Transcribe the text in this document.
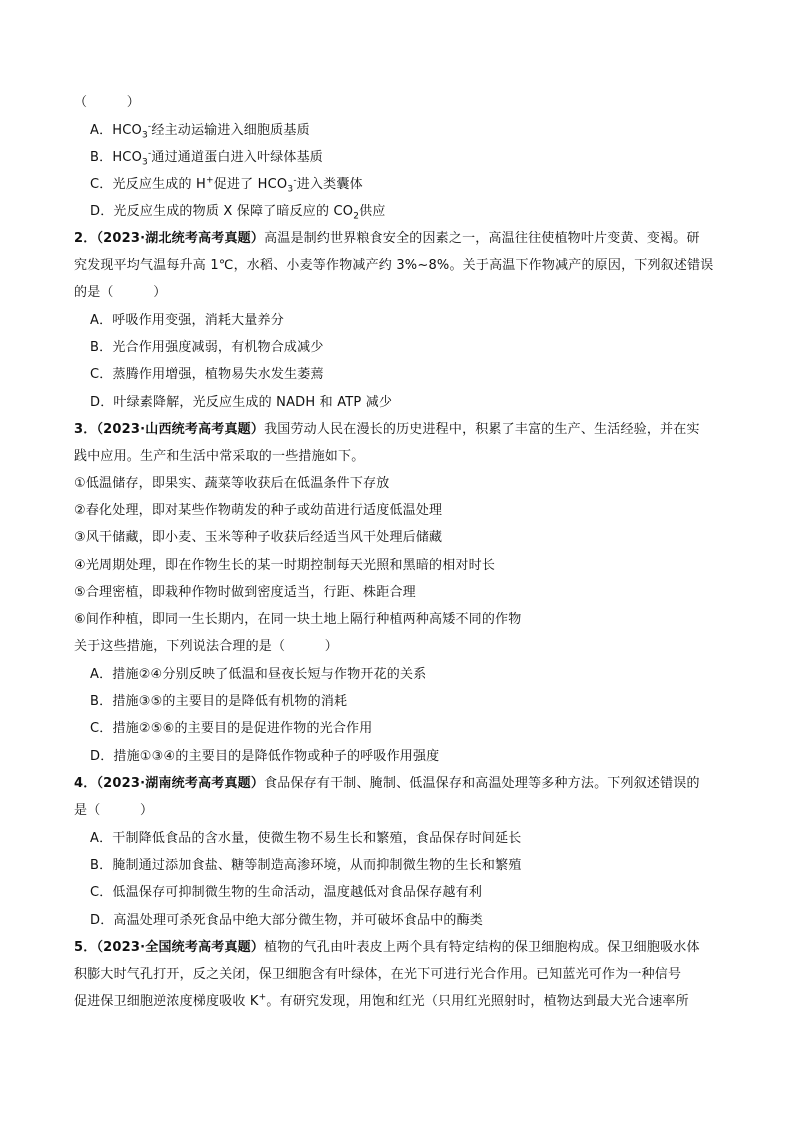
（　　　）
A．$HCO_3^-$经主动运输进入细胞质基质
B．$HCO_3^-$通过通道蛋白进入叶绿体基质
C．光反应生成的 H+促进了 $HCO_3^-$进入类囊体
D．光反应生成的物质 X 保障了暗反应的 $CO_2$供应
2．（2023·湖北统考高考真题）高温是制约世界粮食安全的因素之一，高温往往使植物叶片变黄、变褐。研
究发现平均气温每升高 1℃，水稻、小麦等作物减产约 3%~8%。关于高温下作物减产的原因，下列叙述错误
的是（　　　）
A．呼吸作用变强，消耗大量养分
B．光合作用强度减弱，有机物合成减少
C．蒸腾作用增强，植物易失水发生萎蔫
D．叶绿素降解，光反应生成的 NADH 和 ATP 减少
3．（2023·山西统考高考真题）我国劳动人民在漫长的历史进程中，积累了丰富的生产、生活经验，并在实
践中应用。生产和生活中常采取的一些措施如下。
①低温储存，即果实、蔬菜等收获后在低温条件下存放
②春化处理，即对某些作物萌发的种子或幼苗进行适度低温处理
③风干储藏，即小麦、玉米等种子收获后经适当风干处理后储藏
④光周期处理，即在作物生长的某一时期控制每天光照和黑暗的相对时长
⑤合理密植，即栽种作物时做到密度适当，行距、株距合理
⑥间作种植，即同一生长期内，在同一块土地上隔行种植两种高矮不同的作物
关于这些措施，下列说法合理的是（　　　）
A．措施②④分别反映了低温和昼夜长短与作物开花的关系
B．措施③⑤的主要目的是降低有机物的消耗
C．措施②⑤⑥的主要目的是促进作物的光合作用
D．措施①③④的主要目的是降低作物或种子的呼吸作用强度
4．（2023·湖南统考高考真题）食品保存有干制、腌制、低温保存和高温处理等多种方法。下列叙述错误的
是（　　　）
A．干制降低食品的含水量，使微生物不易生长和繁殖，食品保存时间延长
B．腌制通过添加食盐、糖等制造高渗环境，从而抑制微生物的生长和繁殖
C．低温保存可抑制微生物的生命活动，温度越低对食品保存越有利
D．高温处理可杀死食品中绝大部分微生物，并可破坏食品中的酶类
5．（2023·全国统考高考真题）植物的气孔由叶表皮上两个具有特定结构的保卫细胞构成。保卫细胞吸水体
积膨大时气孔打开，反之关闭，保卫细胞含有叶绿体，在光下可进行光合作用。已知蓝光可作为一种信号
促进保卫细胞逆浓度梯度吸收 K+。有研究发现，用饱和红光（只用红光照射时，植物达到最大光合速率所
